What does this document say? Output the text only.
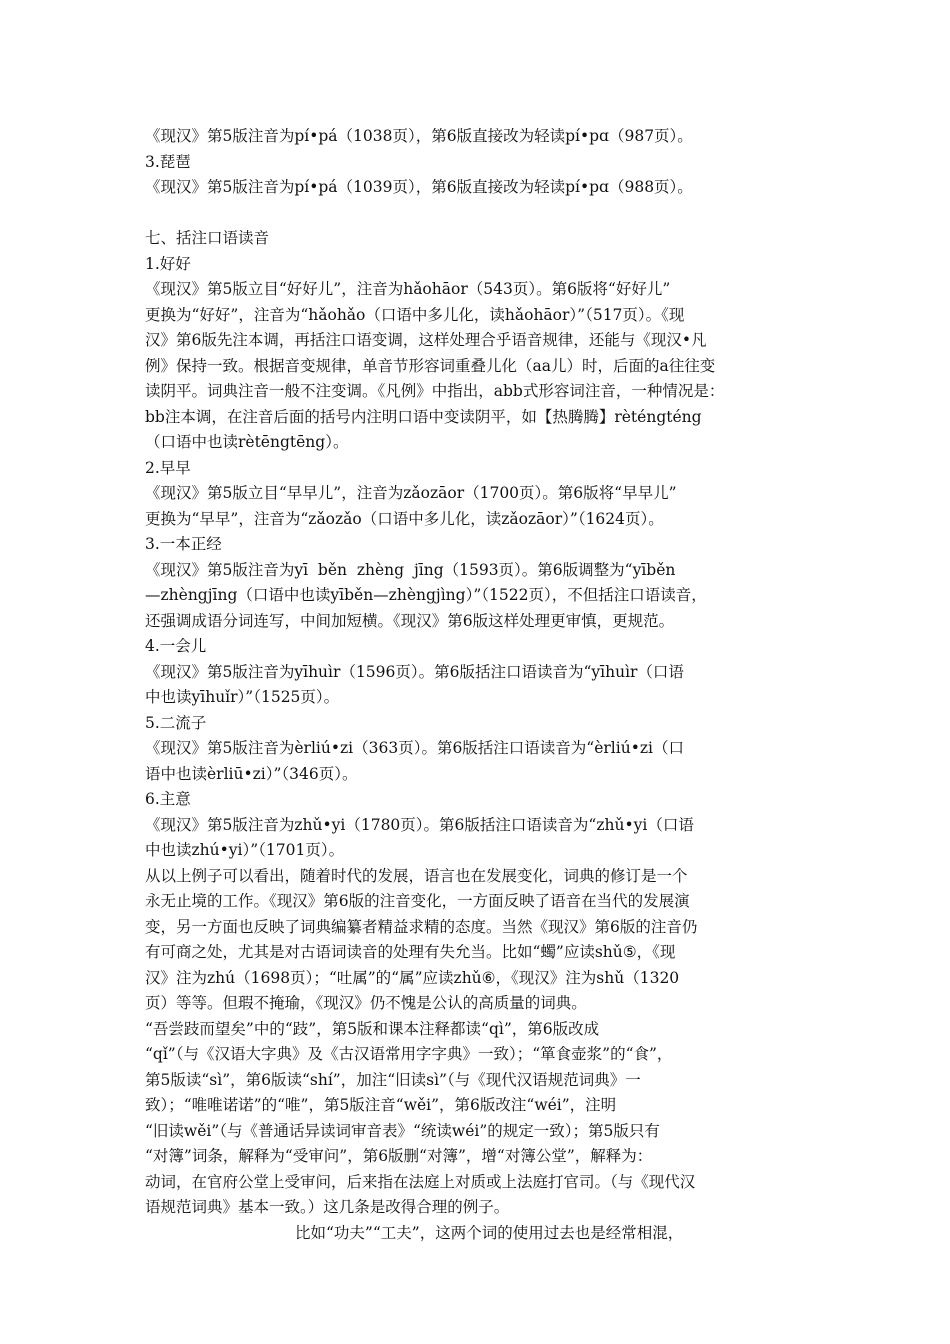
《现汉》第5版注音为pí•pá（1038页），第6版直接改为轻读pí•pɑ（987页）。
3.琵琶
《现汉》第5版注音为pí•pá（1039页），第6版直接改为轻读pí•pɑ（988页）。
七、括注口语读音
1.好好
《现汉》第5版立目“好好儿”，注音为hǎohāor（543页）。第6版将“好好儿”
更换为“好好”，注音为“hǎohǎo（口语中多儿化，读hǎohāor）”（517页）。《现
汉》第6版先注本调，再括注口语变调，这样处理合乎语音规律，还能与《现汉•凡
例》保持一致。根据音变规律，单音节形容词重叠儿化（aa儿）时，后面的a往往变
读阴平。词典注音一般不注变调。《凡例》中指出，abb式形容词注音，一种情况是：
bb注本调，在注音后面的括号内注明口语中变读阴平，如【热腾腾】rèténgténg
（口语中也读rètēngtēng）。
2.早早
《现汉》第5版立目“早早儿”，注音为zǎozāor（1700页）。第6版将“早早儿”
更换为“早早”，注音为“zǎozǎo（口语中多儿化，读zǎozāor）”（1624页）。
3.一本正经
《现汉》第5版注音为yī  běn  zhèng  jīng（1593页）。第6版调整为“yīběn
—zhèngjīng（口语中也读yīběn—zhèngjìng）”（1522页），不但括注口语读音，
还强调成语分词连写，中间加短横。《现汉》第6版这样处理更审慎，更规范。
4.一会儿
《现汉》第5版注音为yīhuìr（1596页）。第6版括注口语读音为“yīhuìr（口语
中也读yīhuǐr）”（1525页）。
5.二流子
《现汉》第5版注音为èrliú•zi（363页）。第6版括注口语读音为“èrliú•zi（口
语中也读èrliū•zi）”（346页）。
6.主意
《现汉》第5版注音为zhǔ•yi（1780页）。第6版括注口语读音为“zhǔ•yi（口语
中也读zhú•yi）”（1701页）。
从以上例子可以看出，随着时代的发展，语言也在发展变化，词典的修订是一个
永无止境的工作。《现汉》第6版的注音变化，一方面反映了语音在当代的发展演
变，另一方面也反映了词典编纂者精益求精的态度。当然《现汉》第6版的注音仍
有可商之处，尤其是对古语词读音的处理有失允当。比如“蠋”应读shǔ⑤，《现
汉》注为zhú（1698页）；“吐属”的“属”应读zhǔ⑥，《现汉》注为shǔ（1320
页）等等。但瑕不掩瑜，《现汉》仍不愧是公认的高质量的词典。
“吾尝跂而望矣”中的“跂”，第5版和课本注释都读“qì”，第6版改成
“qǐ”（与《汉语大字典》及《古汉语常用字字典》一致）；“箪食壶浆”的“食”，
第5版读“sì”，第6版读“shí”，加注“旧读sì”（与《现代汉语规范词典》一
致）；“唯唯诺诺”的“唯”，第5版注音“wěi”，第6版改注“wéi”，注明
“旧读wěi”（与《普通话异读词审音表》“统读wéi”的规定一致）；第5版只有
“对簿”词条，解释为“受审问”，第6版删“对簿”，增“对簿公堂”，解释为：
动词，在官府公堂上受审问，后来指在法庭上对质或上法庭打官司。（与《现代汉
语规范词典》基本一致。）这几条是改得合理的例子。
比如“功夫”“工夫”，这两个词的使用过去也是经常相混，
